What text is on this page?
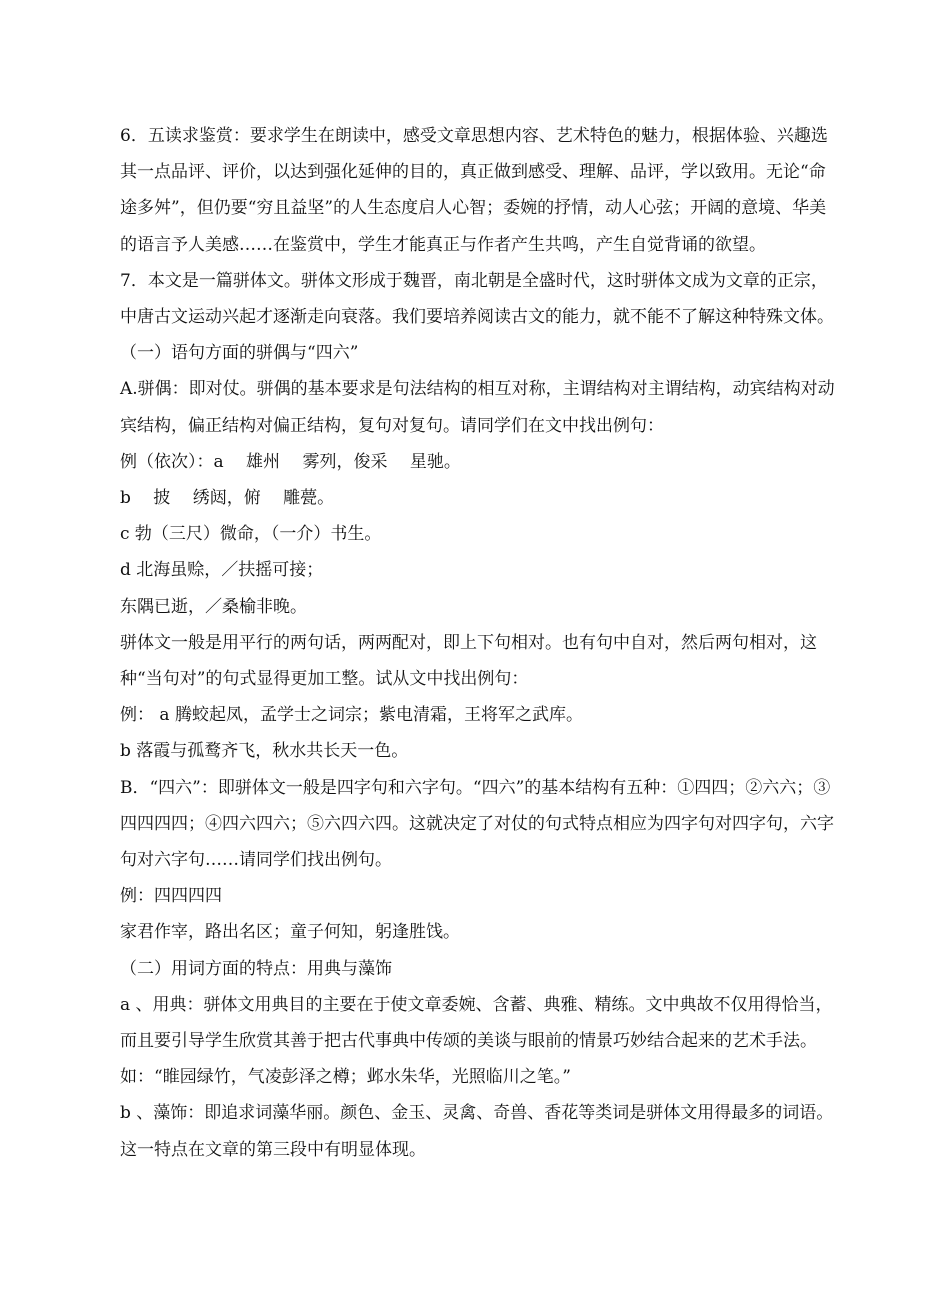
6．五读求鉴赏：要求学生在朗读中，感受文章思想内容、艺术特色的魅力，根据体验、兴趣选其一点品评、评价，以达到强化延伸的目的，真正做到感受、理解、品评，学以致用。无论“命途多舛”，但仍要“穷且益坚”的人生态度启人心智；委婉的抒情，动人心弦；开阔的意境、华美的语言予人美感……在鉴赏中，学生才能真正与作者产生共鸣，产生自觉背诵的欲望。

7．本文是一篇骈体文。骈体文形成于魏晋，南北朝是全盛时代，这时骈体文成为文章的正宗，中唐古文运动兴起才逐渐走向衰落。我们要培养阅读古文的能力，就不能不了解这种特殊文体。

（一）语句方面的骈偶与“四六”

A.骈偶：即对仗。骈偶的基本要求是句法结构的相互对称，主谓结构对主谓结构，动宾结构对动宾结构，偏正结构对偏正结构，复句对复句。请同学们在文中找出例句：

例（依次）：a　 雄州　 雾列，俊采　 星驰。

b　 披　 绣闼，俯　 雕甍。

c 勃（三尺）微命，（一介）书生。

d 北海虽赊，／扶摇可接；

东隅已逝，／桑榆非晚。

骈体文一般是用平行的两句话，两两配对，即上下句相对。也有句中自对，然后两句相对，这种“当句对”的句式显得更加工整。试从文中找出例句：

例： a 腾蛟起凤，孟学士之词宗；紫电清霜，王将军之武库。

b 落霞与孤鹜齐飞，秋水共长天一色。

B．“四六”：即骈体文一般是四字句和六字句。“四六”的基本结构有五种：①四四；②六六；③四四四四；④四六四六；⑤六四六四。这就决定了对仗的句式特点相应为四字句对四字句，六字句对六字句……请同学们找出例句。

例：四四四四

家君作宰，路出名区；童子何知，躬逢胜饯。

（二）用词方面的特点：用典与藻饰

a 、用典：骈体文用典目的主要在于使文章委婉、含蓄、典雅、精练。文中典故不仅用得恰当，而且要引导学生欣赏其善于把古代事典中传颂的美谈与眼前的情景巧妙结合起来的艺术手法。如：“睢园绿竹，气凌彭泽之樽；邺水朱华，光照临川之笔。”

b 、藻饰：即追求词藻华丽。颜色、金玉、灵禽、奇兽、香花等类词是骈体文用得最多的词语。这一特点在文章的第三段中有明显体现。
